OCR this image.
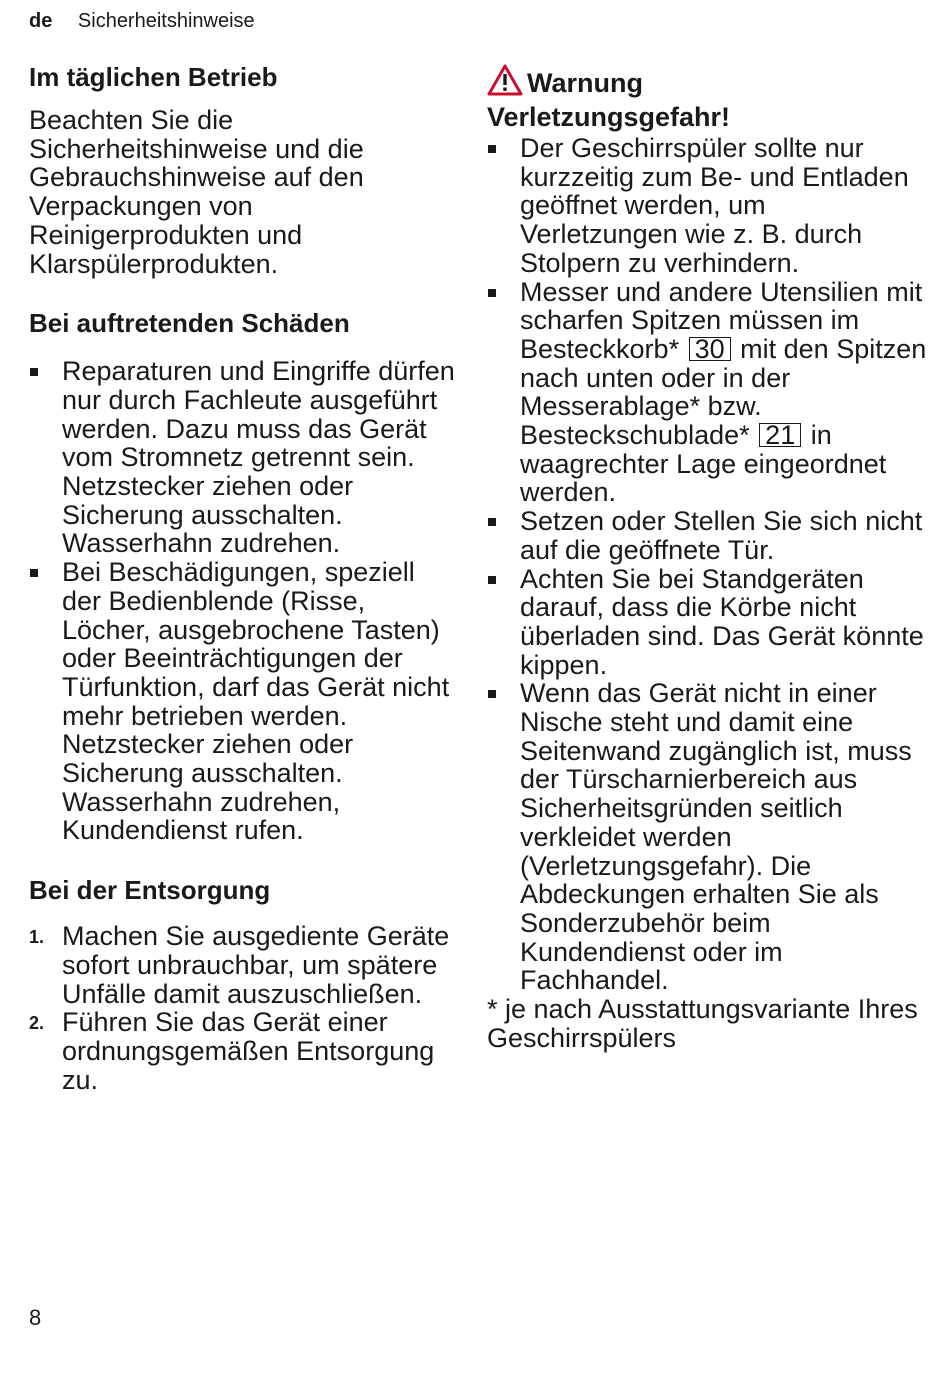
de Sicherheitshinweise
Im täglichen Betrieb

Beachten Sie die Sicherheitshinweise und die Gebrauchshinweise auf den Verpackungen von Reinigerprodukten und Klarspülerprodukten.

Bei auftretenden Schäden
Reparaturen und Eingriffe dürfen nur durch Fachleute ausgeführt werden. Dazu muss das Gerät vom Stromnetz getrennt sein. Netzstecker ziehen oder Sicherung ausschalten. Wasserhahn zudrehen.
Bei Beschädigungen, speziell der Bedienblende (Risse, Löcher, ausgebrochene Tasten) oder Beeinträchtigungen der Türfunktion, darf das Gerät nicht mehr betrieben werden. Netzstecker ziehen oder Sicherung ausschalten. Wasserhahn zudrehen, Kundendienst rufen.
Bei der Entsorgung
1. Machen Sie ausgediente Geräte sofort unbrauchbar, um spätere Unfälle damit auszuschließen.
2. Führen Sie das Gerät einer ordnungsgemäßen Entsorgung zu.
Warnung
Verletzungsgefahr!
Der Geschirrspüler sollte nur kurzzeitig zum Be- und Entladen geöffnet werden, um Verletzungen wie z. B. durch Stolpern zu verhindern.
Messer und andere Utensilien mit scharfen Spitzen müssen im Besteckkorb* 30 mit den Spitzen nach unten oder in der Messerablage* bzw. Besteckschublade* 21 in waagrechter Lage eingeordnet werden.
Setzen oder Stellen Sie sich nicht auf die geöffnete Tür.
Achten Sie bei Standgeräten darauf, dass die Körbe nicht überladen sind. Das Gerät könnte kippen.
Wenn das Gerät nicht in einer Nische steht und damit eine Seitenwand zugänglich ist, muss der Türscharnierbereich aus Sicherheitsgründen seitlich verkleidet werden (Verletzungsgefahr). Die Abdeckungen erhalten Sie als Sonderzubehör beim Kundendienst oder im Fachhandel.
* je nach Ausstattungsvariante Ihres Geschirrspülers
8
